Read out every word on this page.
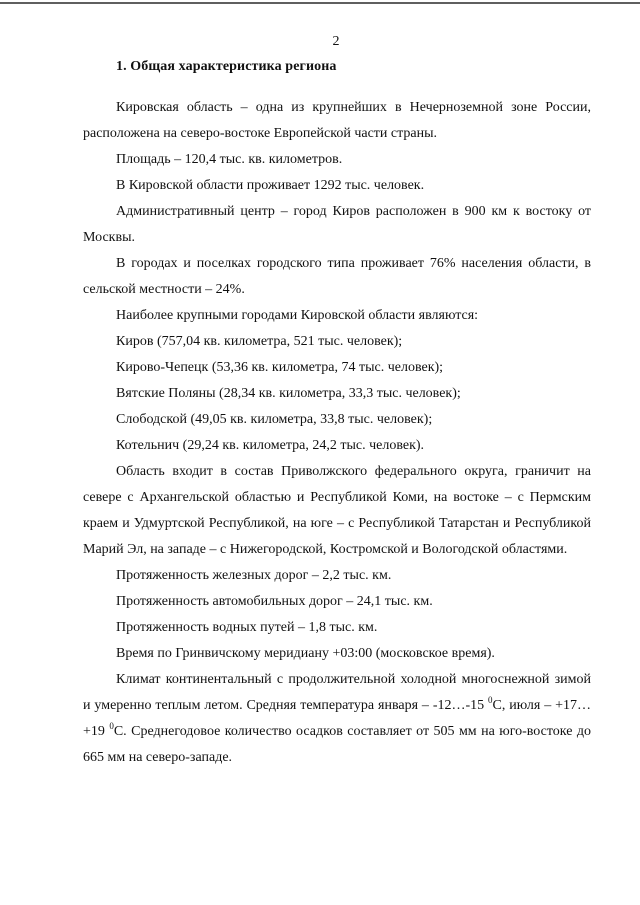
2
1. Общая характеристика региона

Кировская область – одна из крупнейших в Нечерноземной зоне России, расположена на северо-востоке Европейской части страны.

Площадь – 120,4 тыс. кв. километров.

В Кировской области проживает 1292 тыс. человек.

Административный центр – город Киров расположен в 900 км к востоку от Москвы.

В городах и поселках городского типа проживает 76% населения области, в сельской местности – 24%.

Наиболее крупными городами Кировской области являются:

Киров (757,04 кв. километра, 521 тыс. человек);

Кирово-Чепецк (53,36 кв. километра, 74 тыс. человек);

Вятские Поляны (28,34 кв. километра, 33,3 тыс. человек);

Слободской (49,05 кв. километра, 33,8 тыс. человек);

Котельнич (29,24 кв. километра, 24,2 тыс. человек).

Область входит в состав Приволжского федерального округа, граничит на севере с Архангельской областью и Республикой Коми, на востоке – с Пермским краем и Удмуртской Республикой, на юге – с Республикой Татарстан и Республикой Марий Эл, на западе – с Нижегородской, Костромской и Вологодской областями.

Протяженность железных дорог – 2,2 тыс. км.

Протяженность автомобильных дорог – 24,1 тыс. км.

Протяженность водных путей – 1,8 тыс. км.

Время по Гринвичскому меридиану +03:00 (московское время).

Климат континентальный с продолжительной холодной многоснежной зимой и умеренно теплым летом. Средняя температура января – -12…-15 $^0$С, июля – +17…+19 $^0$С. Среднегодовое количество осадков составляет от 505 мм на юго-востоке до 665 мм на северо-западе.
